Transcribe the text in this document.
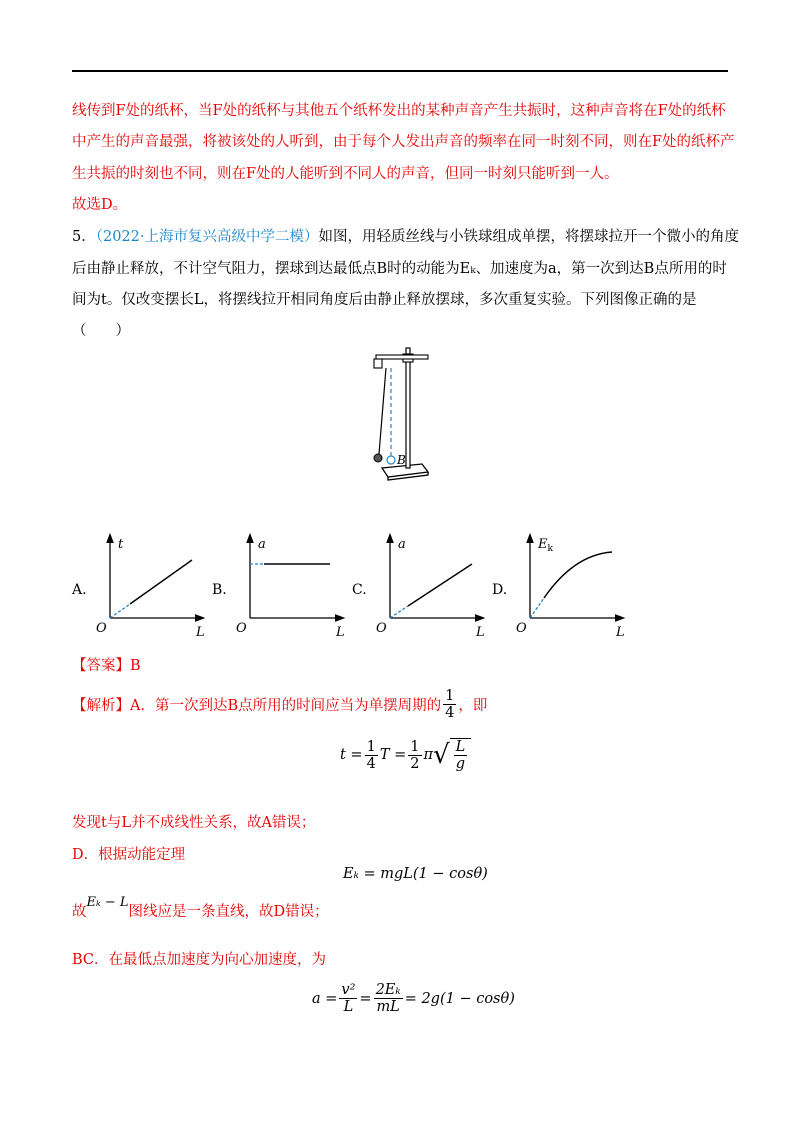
线传到F处的纸杯，当F处的纸杯与其他五个纸杯发出的某种声音产生共振时，这种声音将在F处的纸杯
中产生的声音最强，将被该处的人听到，由于每个人发出声音的频率在同一时刻不同，则在F处的纸杯产
生共振的时刻也不同，则在F处的人能听到不同人的声音，但同一时刻只能听到一人。
故选D。
5．（2022·上海市复兴高级中学二模）如图，用轻质丝线与小铁球组成单摆，将摆球拉开一个微小的角度
后由静止释放，不计空气阻力，摆球到达最低点B时的动能为Eₖ、加速度为a，第一次到达B点所用的时
间为t。仅改变摆长L，将摆线拉开相同角度后由静止释放摆球，多次重复实验。下列图像正确的是
（　　）
B
A.
t
L
O
B.
a
L
O
C.
a
L
O
D.
$E_k$
L
O
【答案】B
【解析】 A．第一次到达B点所用的时间应当为单摆周期的 $\frac{1}{4}$ ，即
$t = \frac{1}{4}$ $T = \frac{1}{2}$ π √ $\frac{L}{g}$
发现t与L并不成线性关系，故A错误；
D．根据动能定理
Eₖ = mgL(1 − cosθ)
故Eₖ − L图线应是一条直线，故D错误；
BC．在最低点加速度为向心加速度，为
$a = \frac{\text{v²}}{L} = \frac{\text{2Eₖ}}{mL} = 2g(1 - \cos\theta)$
